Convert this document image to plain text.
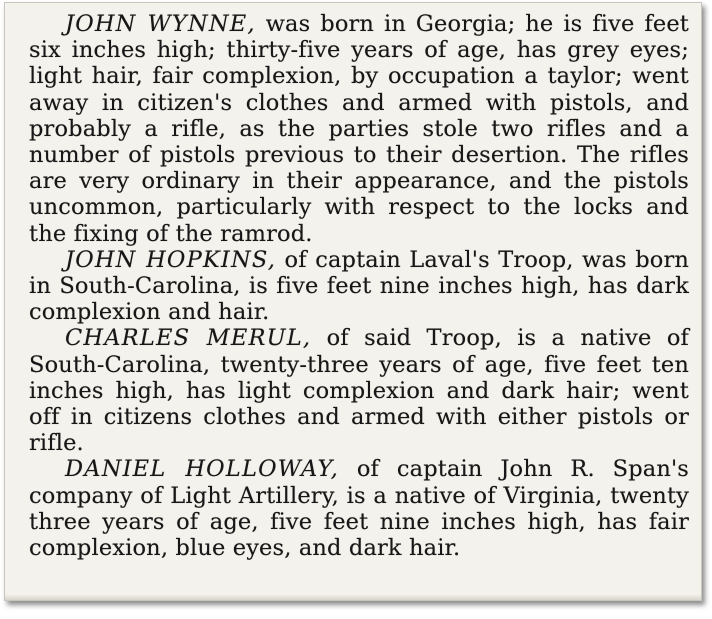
JOHN WYNNE, was born in Georgia; he is five feet six inches high; thirty-five years of age, has grey eyes; light hair, fair complexion, by occupation a taylor; went away in citizen's clothes and armed with pistols, and probably a rifle, as the parties stole two rifles and a number of pistols previous to their desertion. The rifles are very ordinary in their appearance, and the pistols uncommon, particularly with respect to the locks and the fixing of the ramrod.

JOHN HOPKINS, of captain Laval's Troop, was born in South-Carolina, is five feet nine inches high, has dark complexion and hair.

CHARLES MERUL, of said Troop, is a native of South-Carolina, twenty-three years of age, five feet ten inches high, has light complexion and dark hair; went off in citizens clothes and armed with either pistols or rifle.

DANIEL HOLLOWAY, of captain John R. Span's company of Light Artillery, is a native of Virginia, twenty three years of age, five feet nine inches high, has fair complexion, blue eyes, and dark hair.
